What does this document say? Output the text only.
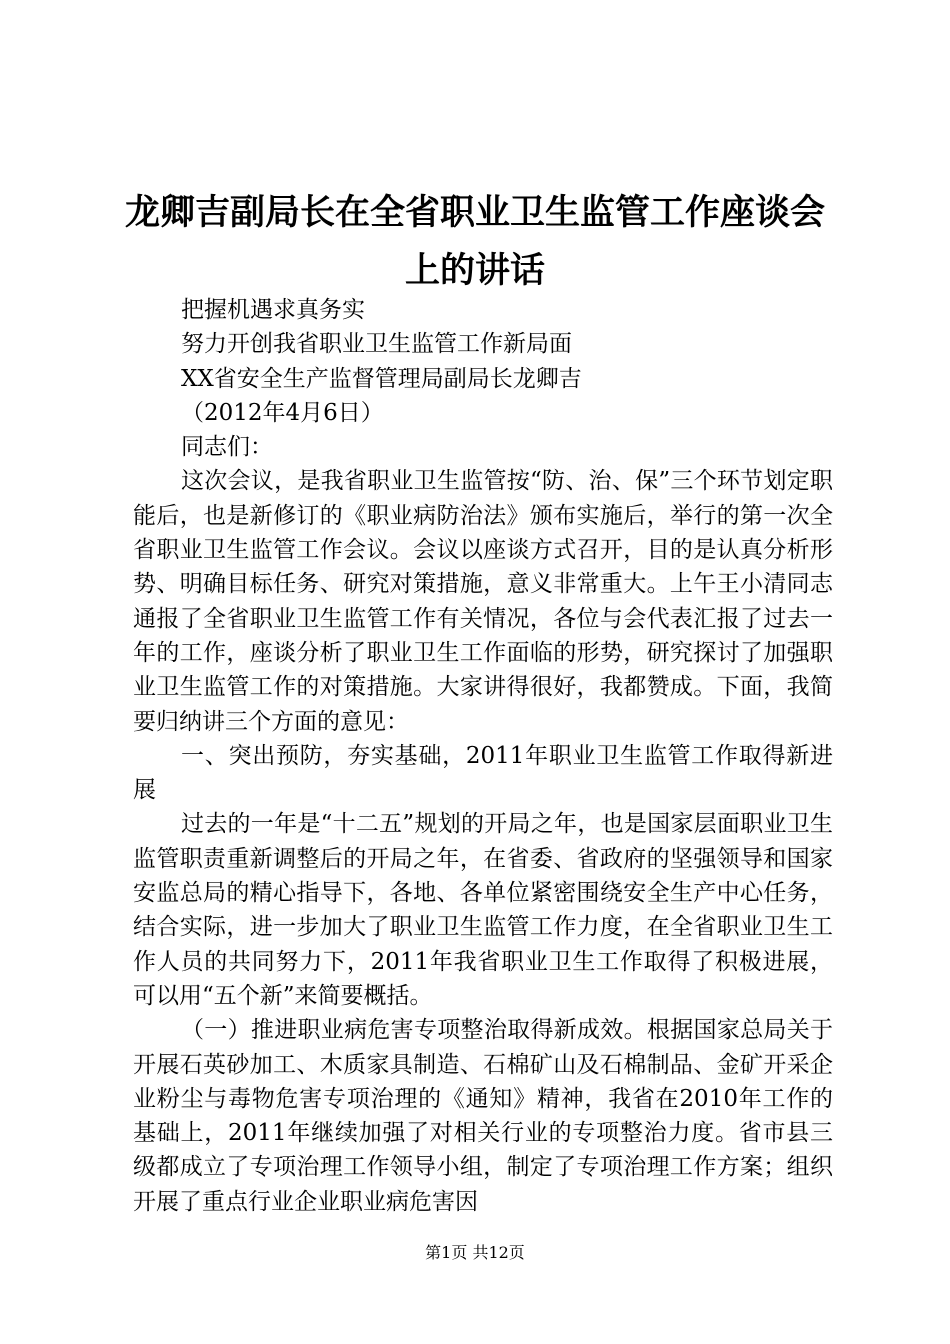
龙卿吉副局长在全省职业卫生监管工作座谈会上的讲话

把握机遇求真务实

努力开创我省职业卫生监管工作新局面

XX省安全生产监督管理局副局长龙卿吉

（2012年4月6日）

同志们：

这次会议，是我省职业卫生监管按“防、治、保”三个环节划定职能后，也是新修订的《职业病防治法》颁布实施后，举行的第一次全省职业卫生监管工作会议。会议以座谈方式召开，目的是认真分析形势、明确目标任务、研究对策措施，意义非常重大。上午王小清同志通报了全省职业卫生监管工作有关情况，各位与会代表汇报了过去一年的工作，座谈分析了职业卫生工作面临的形势，研究探讨了加强职业卫生监管工作的对策措施。大家讲得很好，我都赞成。下面，我简要归纳讲三个方面的意见：

一、突出预防，夯实基础，2011年职业卫生监管工作取得新进展

过去的一年是“十二五”规划的开局之年，也是国家层面职业卫生监管职责重新调整后的开局之年，在省委、省政府的坚强领导和国家安监总局的精心指导下，各地、各单位紧密围绕安全生产中心任务，结合实际，进一步加大了职业卫生监管工作力度，在全省职业卫生工作人员的共同努力下，2011年我省职业卫生工作取得了积极进展，可以用“五个新”来简要概括。

（一）推进职业病危害专项整治取得新成效。根据国家总局关于开展石英砂加工、木质家具制造、石棉矿山及石棉制品、金矿开采企业粉尘与毒物危害专项治理的《通知》精神，我省在2010年工作的基础上，2011年继续加强了对相关行业的专项整治力度。省市县三级都成立了专项治理工作领导小组，制定了专项治理工作方案；组织开展了重点行业企业职业病危害因

第1页 共12页
